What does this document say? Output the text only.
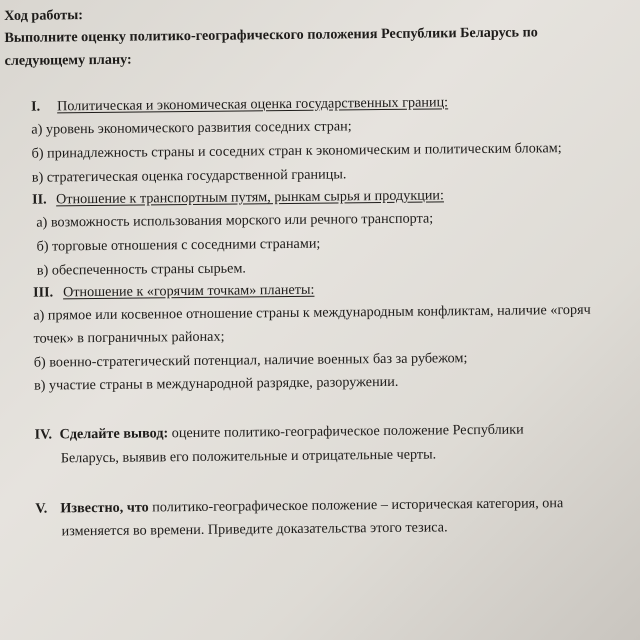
Ход работы:
Выполните оценку политико-географического положения Республики Беларусь по
следующему плану:
I. Политическая и экономическая оценка государственных границ:
а) уровень экономического развития соседних стран;
б) принадлежность страны и соседних стран к экономическим и политическим блокам;
в) стратегическая оценка государственной границы.
II. Отношение к транспортным путям, рынкам сырья и продукции:
а) возможность использования морского или речного транспорта;
б) торговые отношения с соседними странами;
в) обеспеченность страны сырьем.
III. Отношение к «горячим точкам» планеты:
а) прямое или косвенное отношение страны к международным конфликтам, наличие «горяч
точек» в пограничных районах;
б) военно-стратегический потенциал, наличие военных баз за рубежом;
в) участие страны в международной разрядке, разоружении.
IV. Сделайте вывод: оцените политико-географическое положение Республики
Беларусь, выявив его положительные и отрицательные черты.
V. Известно, что политико-географическое положение – историческая категория, она
изменяется во времени. Приведите доказательства этого тезиса.
